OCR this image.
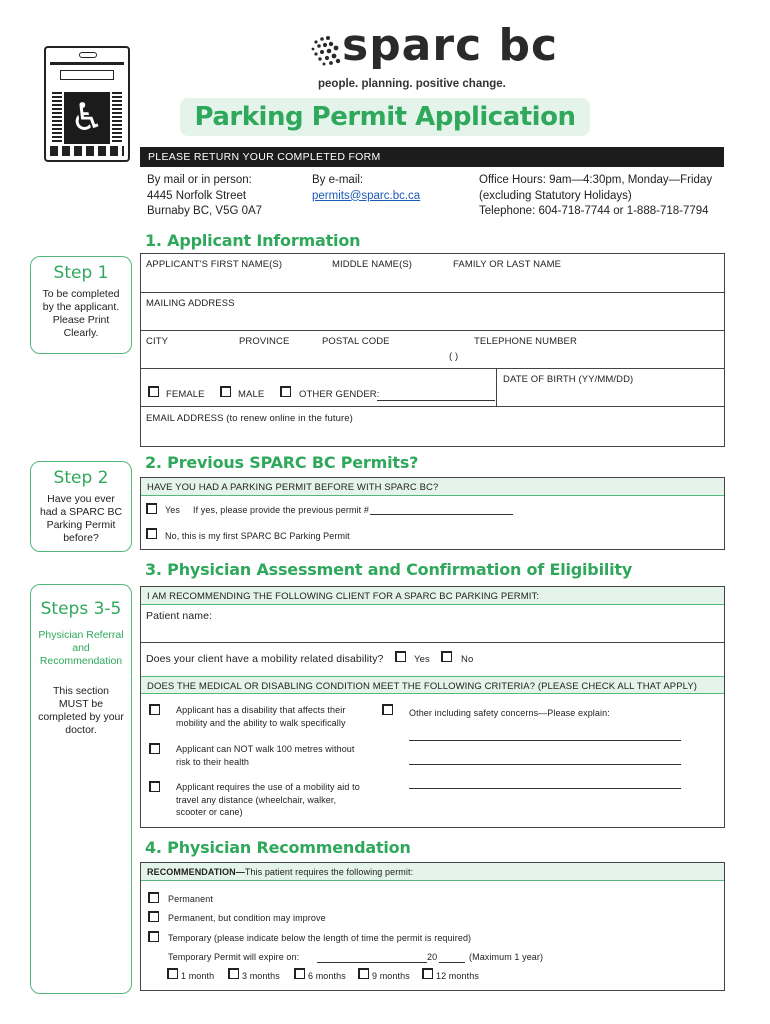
♿
sparc bc
people. planning. positive change.
Parking Permit Application
PLEASE RETURN YOUR COMPLETED FORM
By mail or in person:
4445 Norfolk Street
Burnaby BC, V5G 0A7
By e-mail:
permits@sparc.bc.ca
Office Hours: 9am—4:30pm, Monday—Friday
(excluding Statutory Holidays)
Telephone: 604-718-7744 or 1-888-718-7794
1. Applicant Information
Step 1
To be completed by the applicant. Please Print Clearly.
APPLICANT'S FIRST NAME(S)	MIDDLE NAME(S)	FAMILY OR LAST NAME
MAILING ADDRESS
CITY	PROVINCE	POSTAL CODE	TELEPHONE NUMBER
( )
DATE OF BIRTH (YY/MM/DD)
FEMALE	MALE	OTHER GENDER:
EMAIL ADDRESS (to renew online in the future)
2. Previous SPARC BC Permits?
Step 2
Have you ever had a SPARC BC Parking Permit before?
HAVE YOU HAD A PARKING PERMIT BEFORE WITH SPARC BC?
Yes If yes, please provide the previous permit #
No, this is my first SPARC BC Parking Permit
3. Physician Assessment and Confirmation of Eligibility
Steps 3-5
Physician Referral and Recommendation
This section MUST be completed by your doctor.
I AM RECOMMENDING THE FOLLOWING CLIENT FOR A SPARC BC PARKING PERMIT:
Patient name:
Does your client have a mobility related disability?	Yes	No
DOES THE MEDICAL OR DISABLING CONDITION MEET THE FOLLOWING CRITERIA? (PLEASE CHECK ALL THAT APPLY)
Applicant has a disability that affects their mobility and the ability to walk specifically
Applicant can NOT walk 100 metres without risk to their health
Applicant requires the use of a mobility aid to travel any distance (wheelchair, walker, scooter or cane)
Other including safety concerns—Please explain:
4. Physician Recommendation
RECOMMENDATION—This patient requires the following permit:
Permanent
Permanent, but condition may improve
Temporary (please indicate below the length of time the permit is required)
Temporary Permit will expire on:	20	(Maximum 1 year)
1 month	3 months	6 months	9 months	12 months
